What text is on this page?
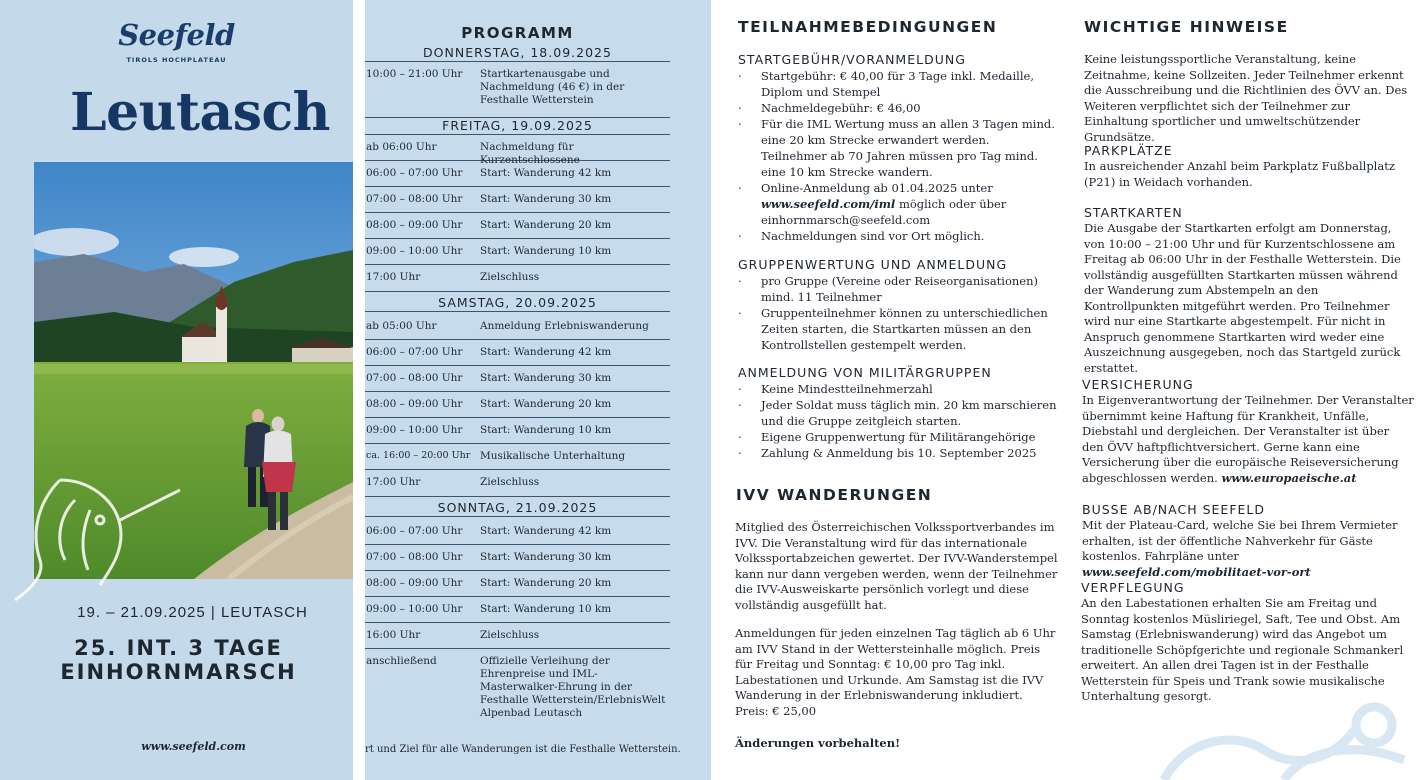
Seefeld
TIROLS HOCHPLATEAU
Leutasch
19. – 21.09.2025 | LEUTASCH
25. INT. 3 TAGE
EINHORNMARSCH
www.seefeld.com
PROGRAMM
DONNERSTAG, 18.09.2025
10:00 – 21:00 Uhr	Startkartenausgabe und Nachmeldung (46 €) in der Festhalle Wetterstein
FREITAG, 19.09.2025
ab 06:00 Uhr	Nachmeldung für Kurzentschlossene
06:00 – 07:00 Uhr	Start: Wanderung 42 km
07:00 – 08:00 Uhr	Start: Wanderung 30 km
08:00 – 09:00 Uhr	Start: Wanderung 20 km
09:00 – 10:00 Uhr	Start: Wanderung 10 km
17:00 Uhr	Zielschluss
SAMSTAG, 20.09.2025
ab 05:00 Uhr	Anmeldung Erlebniswanderung
06:00 – 07:00 Uhr	Start: Wanderung 42 km
07:00 – 08:00 Uhr	Start: Wanderung 30 km
08:00 – 09:00 Uhr	Start: Wanderung 20 km
09:00 – 10:00 Uhr	Start: Wanderung 10 km
ca. 16:00 – 20:00 Uhr Musikalische Unterhaltung
17:00 Uhr	Zielschluss
SONNTAG, 21.09.2025
06:00 – 07:00 Uhr	Start: Wanderung 42 km
07:00 – 08:00 Uhr	Start: Wanderung 30 km
08:00 – 09:00 Uhr	Start: Wanderung 20 km
09:00 – 10:00 Uhr	Start: Wanderung 10 km
16:00 Uhr	Zielschluss
anschließend	Offizielle Verleihung der Ehrenpreise und IML-Masterwalker-Ehrung in der Festhalle Wetterstein/ErlebnisWelt Alpenbad Leutasch
rt und Ziel für alle Wanderungen ist die Festhalle Wetterstein.
TEILNAHMEBEDINGUNGEN
STARTGEBÜHR/VORANMELDUNG
· Startgebühr: € 40,00 für 3 Tage inkl. Medaille, Diplom und Stempel
· Nachmeldegebühr: € 46,00
· Für die IML Wertung muss an allen 3 Tagen mind. eine 20 km Strecke erwandert werden.
Teilnehmer ab 70 Jahren müssen pro Tag mind. eine 10 km Strecke wandern.
· Online-Anmeldung ab 01.04.2025 unter
www.seefeld.com/iml möglich oder über
einhornmarsch@seefeld.com
· Nachmeldungen sind vor Ort möglich.
GRUPPENWERTUNG UND ANMELDUNG
· pro Gruppe (Vereine oder Reiseorganisationen) mind. 11 Teilnehmer
· Gruppenteilnehmer können zu unterschiedlichen Zeiten starten, die Startkarten müssen an den Kontrollstellen gestempelt werden.
ANMELDUNG VON MILITÄRGRUPPEN
· Keine Mindestteilnehmerzahl
· Jeder Soldat muss täglich min. 20 km marschieren und die Gruppe zeitgleich starten.
· Eigene Gruppenwertung für Militärangehörige
· Zahlung & Anmeldung bis 10. September 2025
IVV WANDERUNGEN

Mitglied des Österreichischen Volkssportverbandes im IVV. Die Veranstaltung wird für das internationale Volkssportabzeichen gewertet. Der IVV-Wanderstempel kann nur dann vergeben werden, wenn der Teilnehmer die IVV-Ausweiskarte persönlich vorlegt und diese vollständig ausgefüllt hat.

Anmeldungen für jeden einzelnen Tag täglich ab 6 Uhr am IVV Stand in der Wettersteinhalle möglich. Preis für Freitag und Sonntag: € 10,00 pro Tag inkl. Labestationen und Urkunde. Am Samstag ist die IVV Wanderung in der Erlebniswanderung inkludiert. Preis: € 25,00

Änderungen vorbehalten!

WICHTIGE HINWEISE

Keine leistungssportliche Veranstaltung, keine Zeitnahme, keine Sollzeiten. Jeder Teilnehmer erkennt die Ausschreibung und die Richtlinien des ÖVV an. Des Weiteren verpflichtet sich der Teilnehmer zur Einhaltung sportlicher und umweltschützender Grundsätze.

PARKPLÄTZE

In ausreichender Anzahl beim Parkplatz Fußballplatz (P21) in Weidach vorhanden.

STARTKARTEN

Die Ausgabe der Startkarten erfolgt am Donnerstag, von 10:00 – 21:00 Uhr und für Kurzentschlossene am Freitag ab 06:00 Uhr in der Festhalle Wetterstein. Die vollständig ausgefüllten Startkarten müssen während der Wanderung zum Abstempeln an den Kontrollpunkten mitgeführt werden. Pro Teilnehmer wird nur eine Startkarte abgestempelt. Für nicht in Anspruch genommene Startkarten wird weder eine Auszeichnung ausgegeben, noch das Startgeld zurück erstattet.

VERSICHERUNG

In Eigenverantwortung der Teilnehmer. Der Veranstalter übernimmt keine Haftung für Krankheit, Unfälle, Diebstahl und dergleichen. Der Veranstalter ist über den ÖVV haftpflichtversichert. Gerne kann eine Versicherung über die europäische Reiseversicherung abgeschlossen werden. www.europaeische.at

BUSSE AB/NACH SEEFELD

Mit der Plateau-Card, welche Sie bei Ihrem Vermieter erhalten, ist der öffentliche Nahverkehr für Gäste kostenlos. Fahrpläne unter www.seefeld.com/mobilitaet-vor-ort

VERPFLEGUNG

An den Labestationen erhalten Sie am Freitag und Sonntag kostenlos Müsliriegel, Saft, Tee und Obst. Am Samstag (Erlebniswanderung) wird das Angebot um traditionelle Schöpfgerichte und regionale Schmankerl erweitert. An allen drei Tagen ist in der Festhalle Wetterstein für Speis und Trank sowie musikalische Unterhaltung gesorgt.
